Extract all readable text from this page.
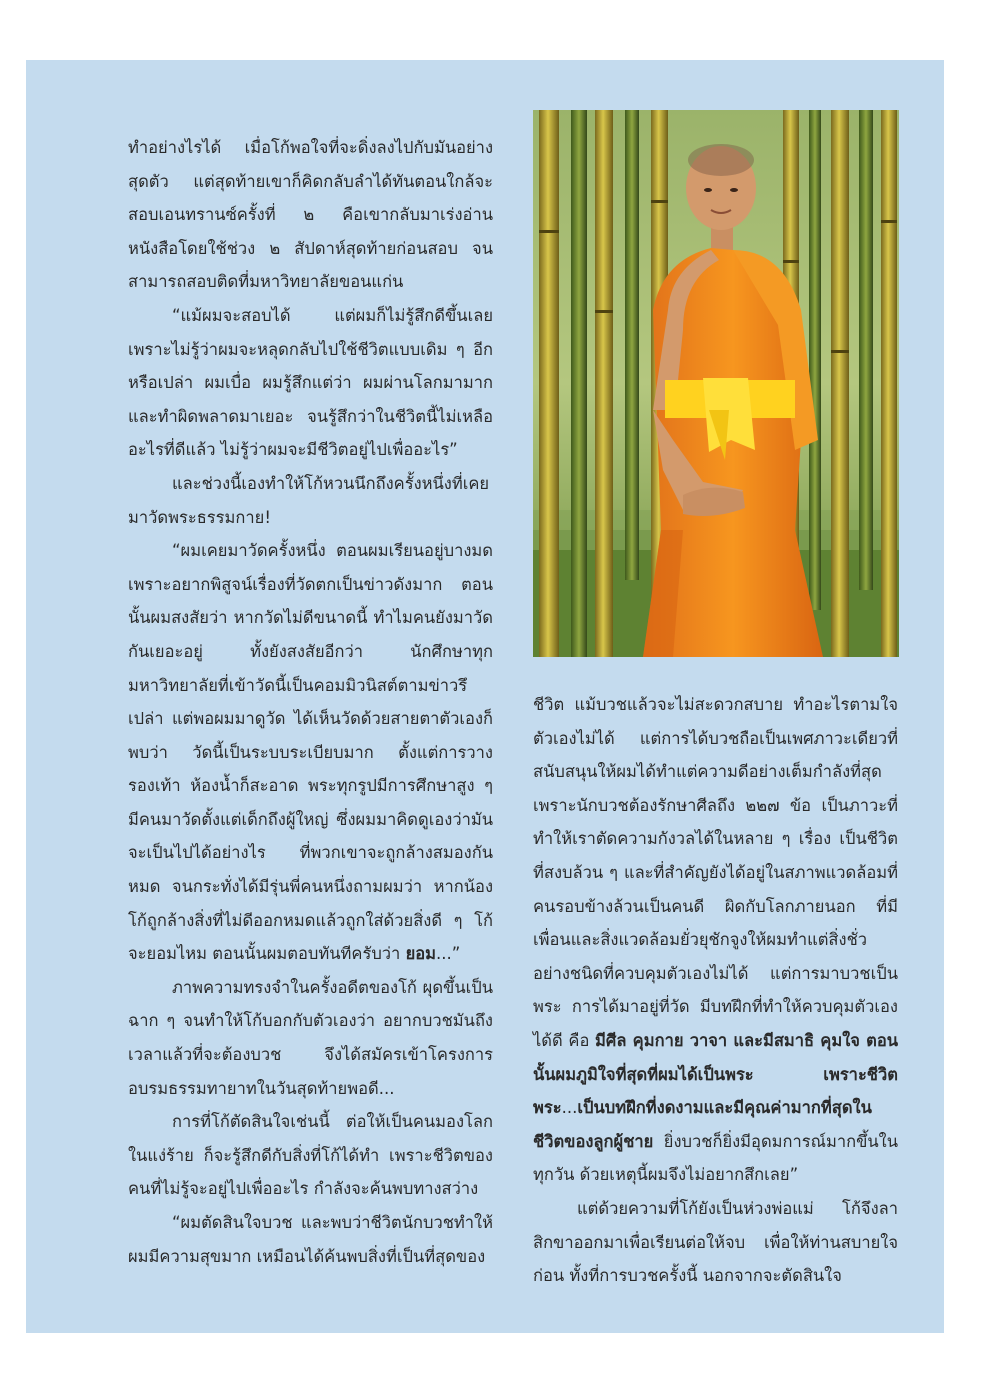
ทำอย่างไรได้ เมื่อโก้พอใจที่จะดิ่งลงไปกับมันอย่างสุดตัว แต่สุดท้ายเขาก็คิดกลับลำได้ทันตอนใกล้จะสอบเอนทรานซ์ครั้งที่ ๒ คือเขากลับมาเร่งอ่านหนังสือโดยใช้ช่วง ๒ สัปดาห์สุดท้ายก่อนสอบ จนสามารถสอบติดที่มหาวิทยาลัยขอนแก่น

“แม้ผมจะสอบได้ แต่ผมก็ไม่รู้สึกดีขึ้นเลย เพราะไม่รู้ว่าผมจะหลุดกลับไปใช้ชีวิตแบบเดิม ๆ อีกหรือเปล่า ผมเบื่อ ผมรู้สึกแต่ว่า ผมผ่านโลกมามากและทำผิดพลาดมาเยอะ จนรู้สึกว่าในชีวิตนี้ไม่เหลืออะไรที่ดีแล้ว ไม่รู้ว่าผมจะมีชีวิตอยู่ไปเพื่ออะไร”

และช่วงนี้เองทำให้โก้หวนนึกถึงครั้งหนึ่งที่เคยมาวัดพระธรรมกาย!

“ผมเคยมาวัดครั้งหนึ่ง ตอนผมเรียนอยู่บางมด เพราะอยากพิสูจน์เรื่องที่วัดตกเป็นข่าวดังมาก ตอนนั้นผมสงสัยว่า หากวัดไม่ดีขนาดนี้ ทำไมคนยังมาวัดกันเยอะอยู่ ทั้งยังสงสัยอีกว่า นักศึกษาทุกมหาวิทยาลัยที่เข้าวัดนี้เป็นคอมมิวนิสต์ตามข่าวรึเปล่า แต่พอผมมาดูวัด ได้เห็นวัดด้วยสายตาตัวเองก็พบว่า วัดนี้เป็นระบบระเบียบมาก ตั้งแต่การวางรองเท้า ห้องน้ำก็สะอาด พระทุกรูปมีการศึกษาสูง ๆ มีคนมาวัดตั้งแต่เด็กถึงผู้ใหญ่ ซึ่งผมมาคิดดูเองว่ามันจะเป็นไปได้อย่างไร ที่พวกเขาจะถูกล้างสมองกันหมด จนกระทั่งได้มีรุ่นพี่คนหนึ่งถามผมว่า หากน้องโก้ถูกล้างสิ่งที่ไม่ดีออกหมดแล้วถูกใส่ด้วยสิ่งดี ๆ โก้จะยอมไหม ตอนนั้นผมตอบทันทีครับว่า ยอม...”

ภาพความทรงจำในครั้งอดีตของโก้ ผุดขึ้นเป็นฉาก ๆ จนทำให้โก้บอกกับตัวเองว่า อยากบวชมันถึงเวลาแล้วที่จะต้องบวช จึงได้สมัครเข้าโครงการอบรมธรรมทายาทในวันสุดท้ายพอดี...

การที่โก้ตัดสินใจเช่นนี้ ต่อให้เป็นคนมองโลกในแง่ร้าย ก็จะรู้สึกดีกับสิ่งที่โก้ได้ทำ เพราะชีวิตของคนที่ไม่รู้จะอยู่ไปเพื่ออะไร กำลังจะค้นพบทางสว่าง

“ผมตัดสินใจบวช และพบว่าชีวิตนักบวชทำให้ผมมีความสุขมาก เหมือนได้ค้นพบสิ่งที่เป็นที่สุดของ

ชีวิต แม้บวชแล้วจะไม่สะดวกสบาย ทำอะไรตามใจตัวเองไม่ได้ แต่การได้บวชถือเป็นเพศภาวะเดียวที่สนับสนุนให้ผมได้ทำแต่ความดีอย่างเต็มกำลังที่สุด เพราะนักบวชต้องรักษาศีลถึง ๒๒๗ ข้อ เป็นภาวะที่ทำให้เราตัดความกังวลได้ในหลาย ๆ เรื่อง เป็นชีวิตที่สงบล้วน ๆ และที่สำคัญยังได้อยู่ในสภาพแวดล้อมที่คนรอบข้างล้วนเป็นคนดี ผิดกับโลกภายนอก ที่มีเพื่อนและสิ่งแวดล้อมยั่วยุชักจูงให้ผมทำแต่สิ่งชั่วอย่างชนิดที่ควบคุมตัวเองไม่ได้ แต่การมาบวชเป็นพระ การได้มาอยู่ที่วัด มีบทฝึกที่ทำให้ควบคุมตัวเองได้ดี คือ มีศีล คุมกาย วาจา และมีสมาธิ คุมใจ ตอนนั้นผมภูมิใจที่สุดที่ผมได้เป็นพระ เพราะชีวิตพระ...เป็นบทฝึกที่งดงามและมีคุณค่ามากที่สุดในชีวิตของลูกผู้ชาย ยิ่งบวชก็ยิ่งมีอุดมการณ์มากขึ้นในทุกวัน ด้วยเหตุนี้ผมจึงไม่อยากสึกเลย”

แต่ด้วยความที่โก้ยังเป็นห่วงพ่อแม่ โก้จึงลาสิกขาออกมาเพื่อเรียนต่อให้จบ เพื่อให้ท่านสบายใจก่อน ทั้งที่การบวชครั้งนี้ นอกจากจะตัดสินใจ
